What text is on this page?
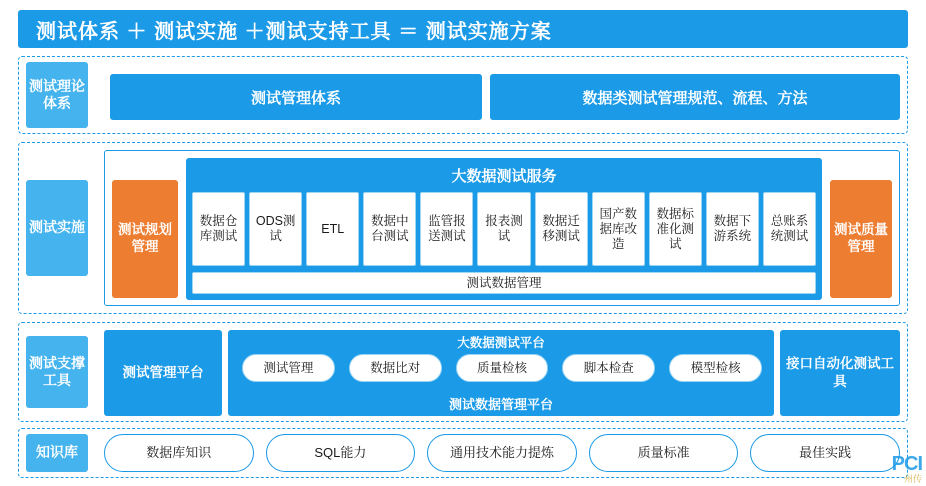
测试体系 ＋ 测试实施 ＋测试支持工具 ＝ 测试实施方案
测试理论体系	测试管理体系	数据类测试管理规范、流程、方法
测试实施	测试规划管理
大数据测试服务
数据仓库测试
ODS测试
ETL
数据中台测试
监管报送测试
报表测试
数据迁移测试
国产数据库改造
数据标准化测试
数据下游系统
总账系统测试
测试数据管理
测试质量管理
测试支撑工具	测试管理平台
大数据测试平台
测试管理	数据比对	质量检核	脚本检查	模型检核
测试数据管理平台
接口自动化测试工具
知识库	数据库知识	SQL能力	通用技术能力提炼	质量标准	最佳实践	PCI
州传
